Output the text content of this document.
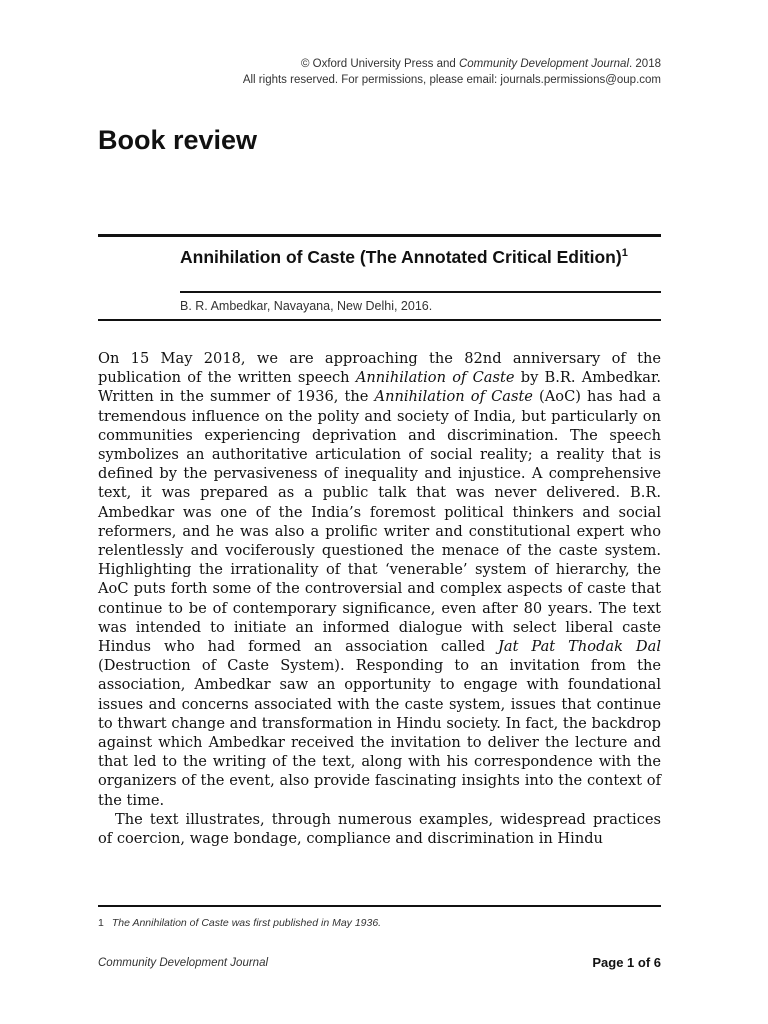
© Oxford University Press and Community Development Journal. 2018
All rights reserved. For permissions, please email: journals.permissions@oup.com
Book review
Annihilation of Caste (The Annotated Critical Edition)$^1$
B. R. Ambedkar, Navayana, New Delhi, 2016.

On 15 May 2018, we are approaching the 82nd anniversary of the publication of the written speech Annihilation of Caste by B.R. Ambedkar. Written in the summer of 1936, the Annihilation of Caste (AoC) has had a tremendous influence on the polity and society of India, but particularly on communities experiencing deprivation and discrimination. The speech symbolizes an authoritative articulation of social reality; a reality that is defined by the pervasiveness of inequality and injustice. A comprehensive text, it was prepared as a public talk that was never delivered. B.R. Ambedkar was one of the India’s foremost political thinkers and social reformers, and he was also a prolific writer and constitutional expert who relentlessly and vociferously questioned the menace of the caste system. Highlighting the irrationality of that ‘venerable’ system of hierarchy, the AoC puts forth some of the controversial and complex aspects of caste that continue to be of contemporary significance, even after 80 years. The text was intended to initiate an informed dialogue with select liberal caste Hindus who had formed an association called Jat Pat Thodak Dal (Destruction of Caste System). Responding to an invitation from the association, Ambedkar saw an opportunity to engage with foundational issues and concerns associated with the caste system, issues that continue to thwart change and transformation in Hindu society. In fact, the backdrop against which Ambedkar received the invitation to deliver the lecture and that led to the writing of the text, along with his correspondence with the organizers of the event, also provide fascinating insights into the context of the time.

The text illustrates, through numerous examples, widespread practices of coercion, wage bondage, compliance and discrimination in Hindu

1 The Annihilation of Caste was first published in May 1936.
Community Development Journal	Page 1 of 6
